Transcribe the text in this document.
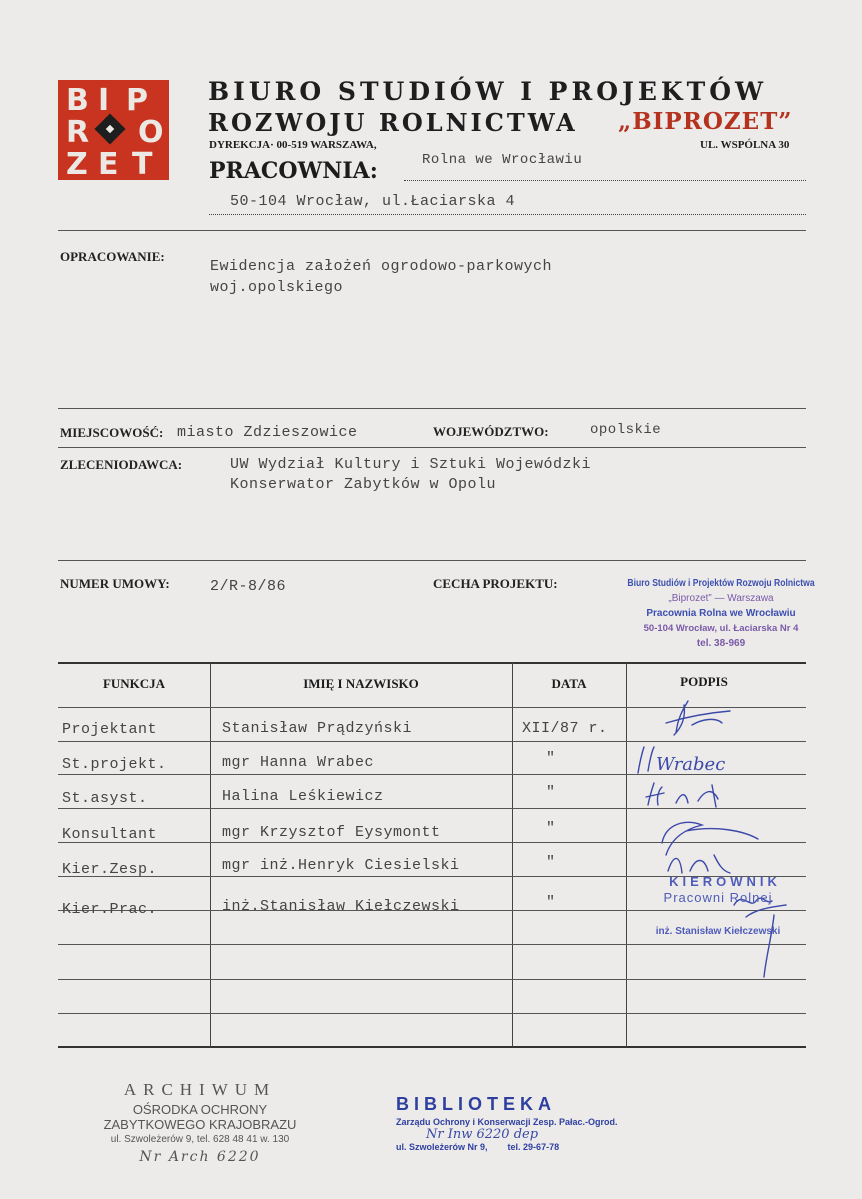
B I P
R O
Z E T
BIURO STUDIÓW I PROJEKTÓW
ROZWOJU ROLNICTWA „BIPROZET”
DYREKCJA· 00-519 WARSZAWA,	UL. WSPÓLNA 30
PRACOWNIA:	Rolna we Wrocławiu
50-104 Wrocław, ul.Łaciarska 4
OPRACOWANIE:
Ewidencja założeń ogrodowo-parkowych
woj.opolskiego
MIEJSCOWOŚĆ: miasto Zdzieszowice	WOJEWÓDZTWO:	opolskie
ZLECENIODAWCA:	UW Wydział Kultury i Sztuki Wojewódzki
Konserwator Zabytków w Opolu
NUMER UMOWY:	2/R-8/86	CECHA PROJEKTU:	Biuro Studiów i Projektów Rozwoju Rolnictwa
„Biprozet” — Warszawa
Pracownia Rolna we Wrocławiu
50-104 Wrocław, ul. Łaciarska Nr 4
tel. 38-969
FUNKCJA	IMIĘ I NAZWISKO	DATA	PODPIS
Projektant	Stanisław Prądzyński	XII/87 r.
St.projekt.	mgr Hanna Wrabec	"
St.asyst.	Halina Leśkiewicz	"
Konsultant	mgr Krzysztof Eysymontt	"
Kier.Zesp.	mgr inż.Henryk Ciesielski	"
Kier.Prac.	inż.Stanisław Kiełczewski	"
Wrabec
KIEROWNIK
Pracowni Rolnej
inż. Stanisław Kiełczewski
ARCHIWUM
OŚRODKA OCHRONY
ZABYTKOWEGO KRAJOBRAZU
ul. Szwoleżerów 9, tel. 628 48 41 w. 130
Nr Arch 6220
BIBLIOTEKA
Zarządu Ochrony i Konserwacji Zesp. Pałac.-Ogrod.
Nr Inw 6220 dep
ul. Szwoleżerów Nr 9, tel. 29-67-78
